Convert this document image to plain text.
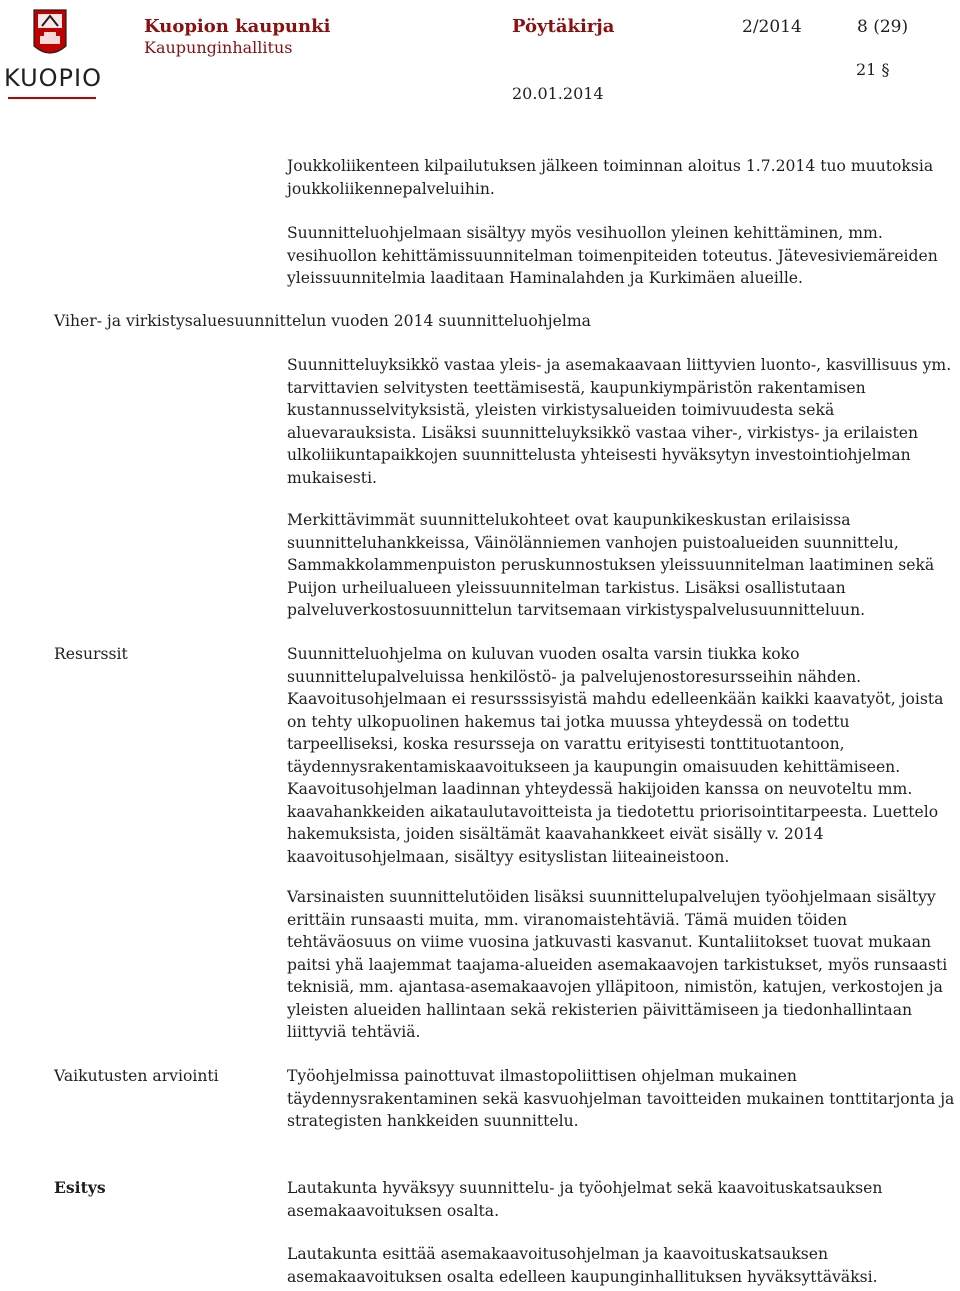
KUOPIO
Kuopion kaupunki
Kaupunginhallitus
Pöytäkirja	2/2014	8 (29)
21 §
20.01.2014

Joukkoliikenteen kilpailutuksen jälkeen toiminnan aloitus 1.7.2014 tuo muutoksia joukkoliikennepalveluihin.

Suunnitteluohjelmaan sisältyy myös vesihuollon yleinen kehittäminen, mm. vesihuollon kehittämissuunnitelman toimenpiteiden toteutus. Jätevesiviemäreiden yleissuunnitelmia laaditaan Haminalahden ja Kurkimäen alueille.

Viher- ja virkistysaluesuunnittelun vuoden 2014 suunnitteluohjelma

Suunnitteluyksikkö vastaa yleis- ja asemakaavaan liittyvien luonto-, kasvillisuus ym. tarvittavien selvitysten teettämisestä, kaupunkiympäristön rakentamisen kustannusselvityksistä, yleisten virkistysalueiden toimivuudesta sekä aluevarauksista. Lisäksi suunnitteluyksikkö vastaa viher-, virkistys- ja erilaisten ulkoliikuntapaikkojen suunnittelusta yhteisesti hyväksytyn investointiohjelman mukaisesti.

Merkittävimmät suunnittelukohteet ovat kaupunkikeskustan erilaisissa suunnitteluhankkeissa, Väinölänniemen vanhojen puistoalueiden suunnittelu, Sammakkolammenpuiston peruskunnostuksen yleissuunnitelman laatiminen sekä Puijon urheilualueen yleissuunnitelman tarkistus. Lisäksi osallistutaan palveluverkostosuunnittelun tarvitsemaan virkistyspalvelusuunnitteluun.

Resurssit	Suunnitteluohjelma on kuluvan vuoden osalta varsin tiukka koko suunnittelupalveluissa henkilöstö- ja palvelujenostoresursseihin nähden. Kaavoitusohjelmaan ei resursssisyistä mahdu edelleenkään kaikki kaavatyöt, joista on tehty ulkopuolinen hakemus tai jotka muussa yhteydessä on todettu tarpeelliseksi, koska resursseja on varattu erityisesti tonttituotantoon, täydennysrakentamiskaavoitukseen ja kaupungin omaisuuden kehittämiseen. Kaavoitusohjelman laadinnan yhteydessä hakijoiden kanssa on neuvoteltu mm. kaavahankkeiden aikataulutavoitteista ja tiedotettu priorisointitarpeesta. Luettelo hakemuksista, joiden sisältämät kaavahankkeet eivät sisälly v. 2014 kaavoitusohjelmaan, sisältyy esityslistan liiteaineistoon.

Varsinaisten suunnittelutöiden lisäksi suunnittelupalvelujen työohjelmaan sisältyy erittäin runsaasti muita, mm. viranomaistehtäviä. Tämä muiden töiden tehtäväosuus on viime vuosina jatkuvasti kasvanut. Kuntaliitokset tuovat mukaan paitsi yhä laajemmat taajama-alueiden asemakaavojen tarkistukset, myös runsaasti teknisiä, mm. ajantasa-asemakaavojen ylläpitoon, nimistön, katujen, verkostojen ja yleisten alueiden hallintaan sekä rekisterien päivittämiseen ja tiedonhallintaan liittyviä tehtäviä.

Vaikutusten arviointi	Työohjelmissa painottuvat ilmastopoliittisen ohjelman mukainen täydennysrakentaminen sekä kasvuohjelman tavoitteiden mukainen tonttitarjonta ja strategisten hankkeiden suunnittelu.

Esitys	Lautakunta hyväksyy suunnittelu- ja työohjelmat sekä kaavoituskatsauksen asemakaavoituksen osalta.

Lautakunta esittää asemakaavoitusohjelman ja kaavoituskatsauksen asemakaavoituksen osalta edelleen kaupunginhallituksen hyväksyttäväksi.
